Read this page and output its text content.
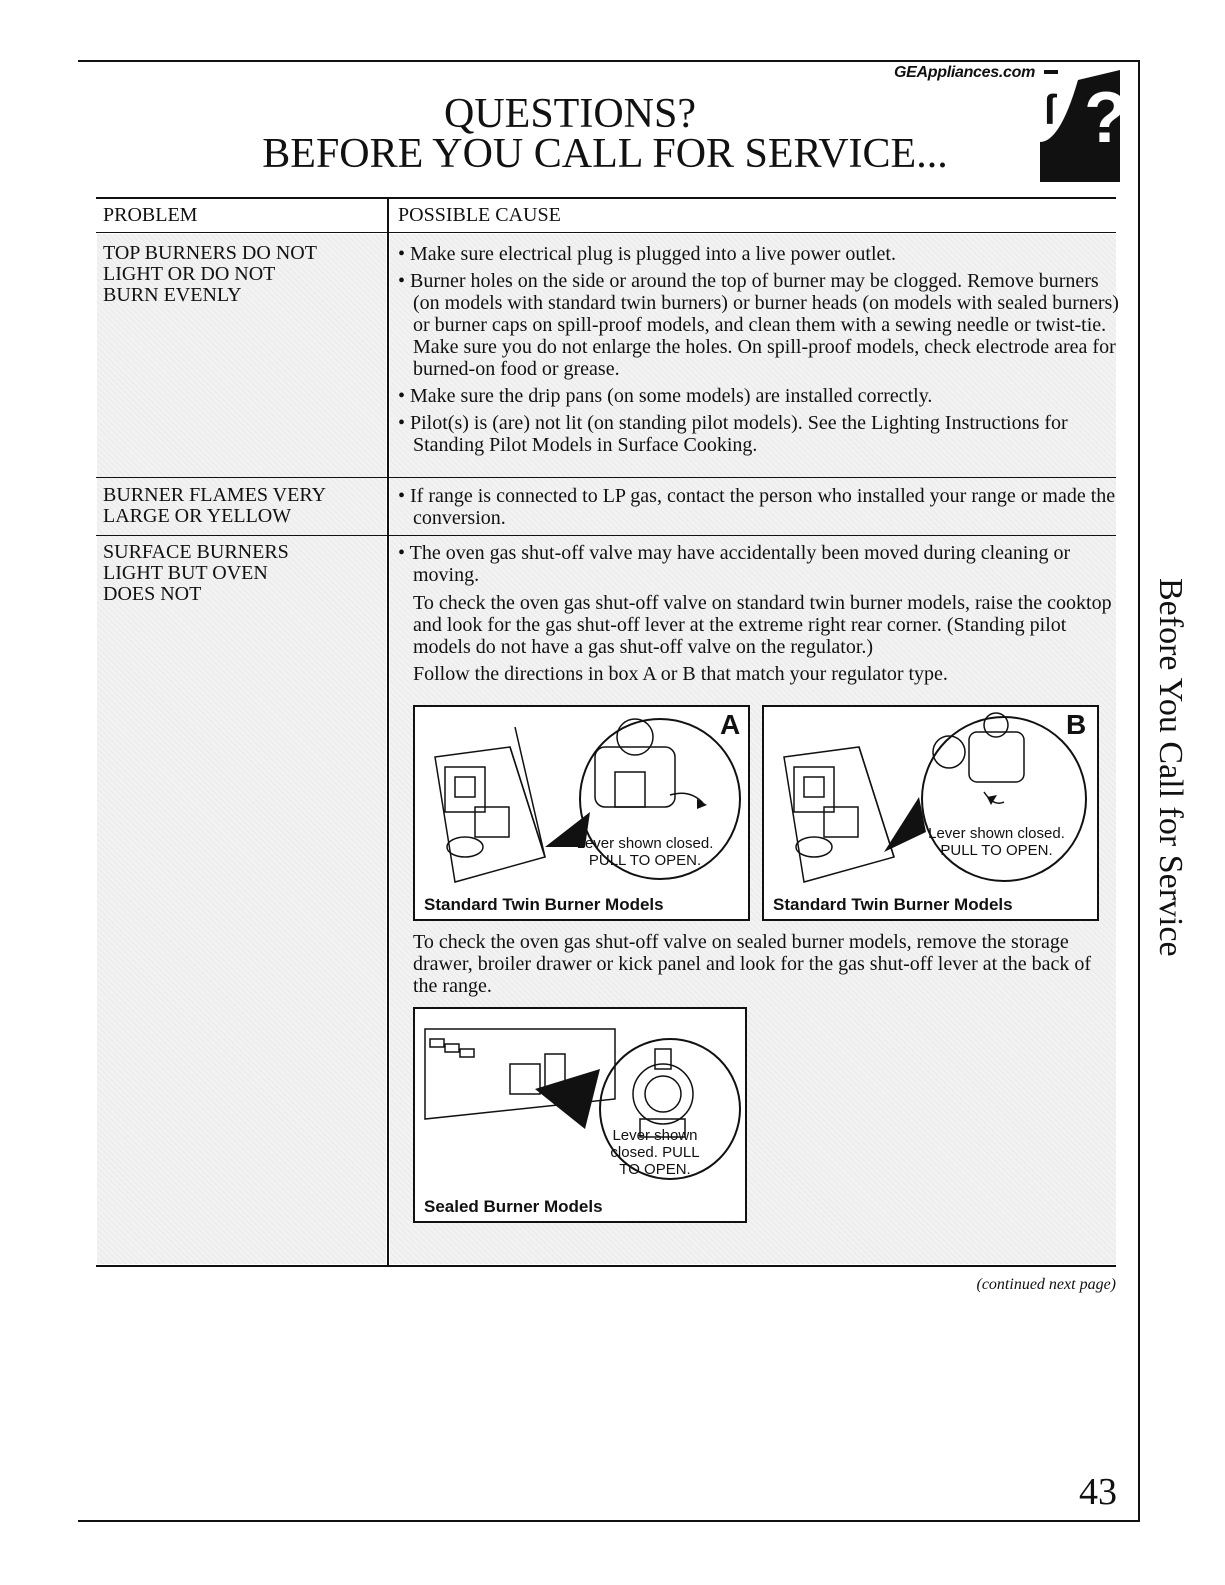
GEAppliances.com
QUESTIONS?
BEFORE YOU CALL FOR SERVICE...	?
ſ
Before You Call for Service
PROBLEM	POSSIBLE CAUSE
TOP BURNERS DO NOT
LIGHT OR DO NOT
BURN EVENLY

• Make sure electrical plug is plugged into a live power outlet.

• Burner holes on the side or around the top of burner may be clogged. Remove burners (on models with standard twin burners) or burner heads (on models with sealed burners) or burner caps on spill-proof models, and clean them with a sewing needle or twist-tie. Make sure you do not enlarge the holes. On spill-proof models, check electrode area for burned-on food or grease.

• Make sure the drip pans (on some models) are installed correctly.

• Pilot(s) is (are) not lit (on standing pilot models). See the Lighting Instructions for Standing Pilot Models in Surface Cooking.

BURNER FLAMES VERY
LARGE OR YELLOW

• If range is connected to LP gas, contact the person who installed your range or made the conversion.

SURFACE BURNERS
LIGHT BUT OVEN
DOES NOT

• The oven gas shut-off valve may have accidentally been moved during cleaning or moving.

To check the oven gas shut-off valve on standard twin burner models, raise the cooktop and look for the gas shut-off lever at the extreme right rear corner. (Standing pilot models do not have a gas shut-off valve on the regulator.)

Follow the directions in box A or B that match your regulator type.

To check the oven gas shut-off valve on sealed burner models, remove the storage drawer, broiler drawer or kick panel and look for the gas shut-off lever at the back of the range.

A
Lever shown closed.
PULL TO OPEN.
Standard Twin Burner Models
B
Lever shown closed.
PULL TO OPEN.
Standard Twin Burner Models
Lever shown
closed. PULL
TO OPEN.
Sealed Burner Models
(continued next page)
43
